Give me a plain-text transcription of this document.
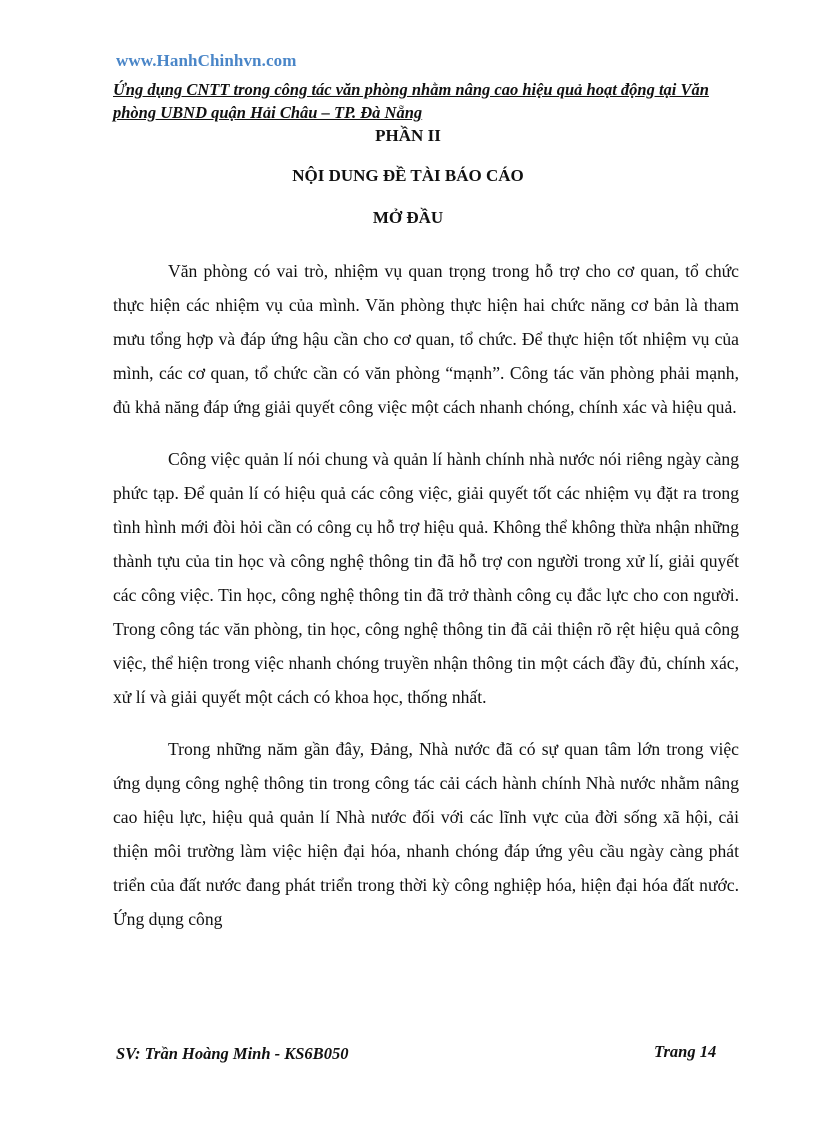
www.HanhChinhvn.com
Ứng dụng CNTT trong công tác văn phòng nhằm nâng cao hiệu quả hoạt động tại Văn phòng UBND quận Hải Châu – TP. Đà Nẵng
PHẦN II
NỘI DUNG ĐỀ TÀI BÁO CÁO
MỞ ĐẦU

Văn phòng có vai trò, nhiệm vụ quan trọng trong hỗ trợ cho cơ quan, tổ chức thực hiện các nhiệm vụ của mình. Văn phòng thực hiện hai chức năng cơ bản là tham mưu tổng hợp và đáp ứng hậu cần cho cơ quan, tổ chức. Để thực hiện tốt nhiệm vụ của mình, các cơ quan, tổ chức cần có văn phòng “mạnh”. Công tác văn phòng phải mạnh, đủ khả năng đáp ứng giải quyết công việc một cách nhanh chóng, chính xác và hiệu quả.

Công việc quản lí nói chung và quản lí hành chính nhà nước nói riêng ngày càng phức tạp. Để quản lí có hiệu quả các công việc, giải quyết tốt các nhiệm vụ đặt ra trong tình hình mới đòi hỏi cần có công cụ hỗ trợ hiệu quả. Không thể không thừa nhận những thành tựu của tin học và công nghệ thông tin đã hỗ trợ con người trong xử lí, giải quyết các công việc. Tin học, công nghệ thông tin đã trở thành công cụ đắc lực cho con người. Trong công tác văn phòng, tin học, công nghệ thông tin đã cải thiện rõ rệt hiệu quả công việc, thể hiện trong việc nhanh chóng truyền nhận thông tin một cách đầy đủ, chính xác, xử lí và giải quyết một cách có khoa học, thống nhất.

Trong những năm gần đây, Đảng, Nhà nước đã có sự quan tâm lớn trong việc ứng dụng công nghệ thông tin trong công tác cải cách hành chính Nhà nước nhằm nâng cao hiệu lực, hiệu quả quản lí Nhà nước đối với các lĩnh vực của đời sống xã hội, cải thiện môi trường làm việc hiện đại hóa, nhanh chóng đáp ứng yêu cầu ngày càng phát triển của đất nước đang phát triển trong thời kỳ công nghiệp hóa, hiện đại hóa đất nước. Ứng dụng công

SV: Trần Hoàng Minh - KS6B050	Trang 14
